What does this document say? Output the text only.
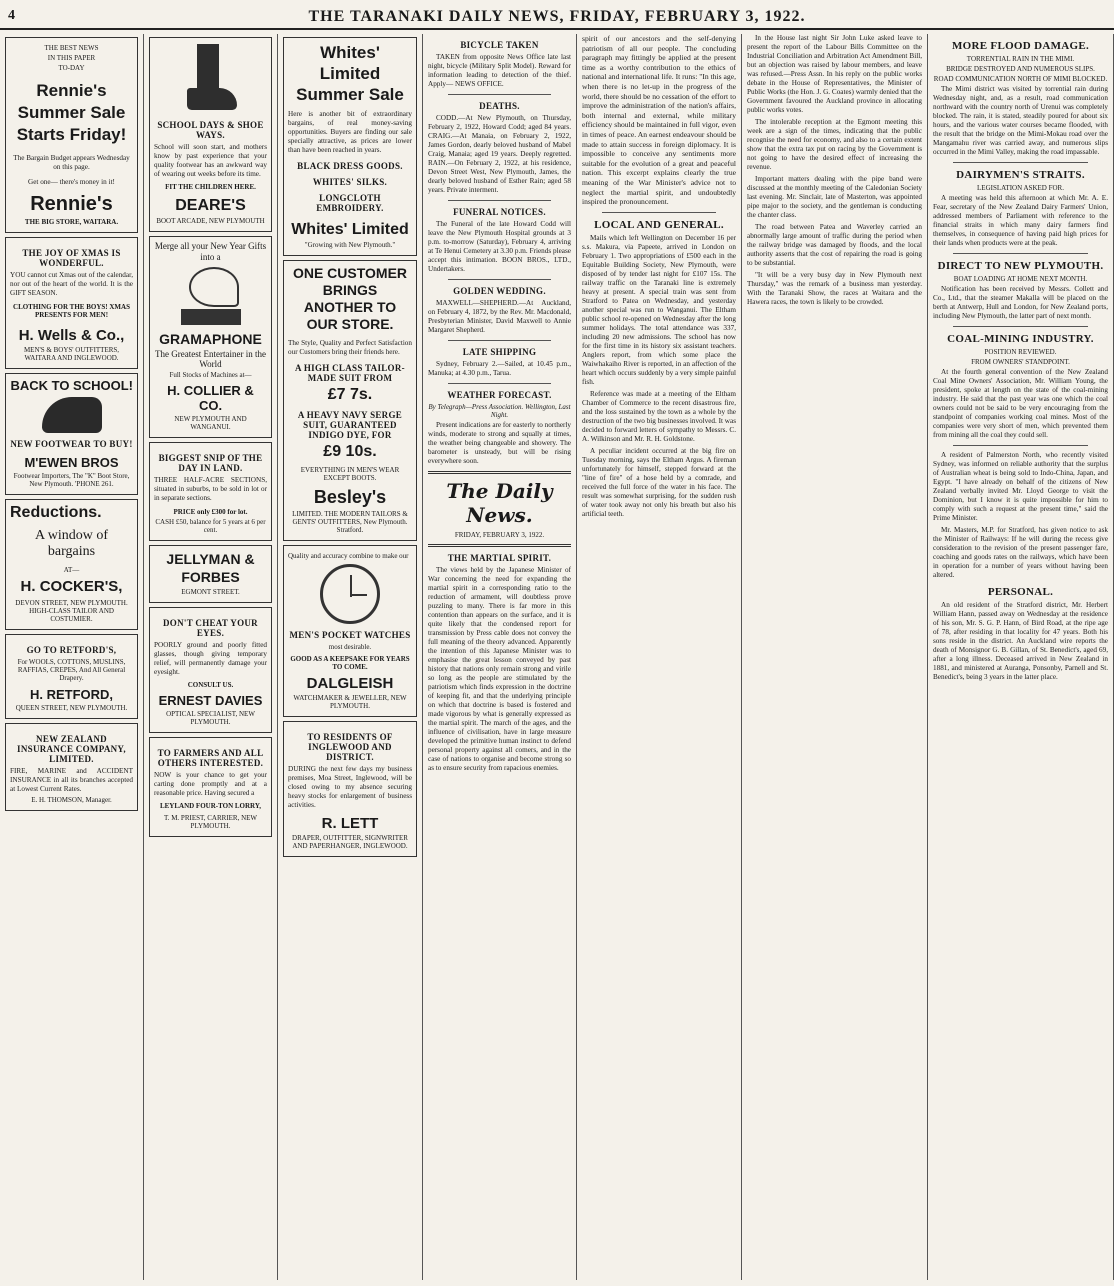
4	THE TARANAKI DAILY NEWS, FRIDAY, FEBRUARY 3, 1922.
THE BEST NEWS
IN THIS PAPER
TO-DAY
Rennie's Summer Sale Starts Friday!
The Bargain Budget appears Wednesday on this page.
Get one— there's money in it!
Rennie's
THE BIG STORE, WAITARA.
THE JOY OF XMAS IS WONDERFUL.
YOU cannot cut Xmas out of the calendar, nor out of the heart of the world. It is the GIFT SEASON.
CLOTHING FOR THE BOYS! XMAS PRESENTS FOR MEN!
H. Wells & Co.,
MEN'S & BOYS' OUTFITTERS, WAITARA AND INGLEWOOD.
BACK TO SCHOOL!
NEW FOOTWEAR TO BUY!
M'EWEN BROS
Footwear Importers, The "K" Boot Store, New Plymouth. 'PHONE 261.
Reductions.
A window of bargains
AT—
H. COCKER'S,
DEVON STREET, NEW PLYMOUTH. HIGH-CLASS TAILOR AND COSTUMIER.
GO TO RETFORD'S,
For WOOLS, COTTONS, MUSLINS, RAFFIAS, CREPES, And All General Drapery.
H. RETFORD,
QUEEN STREET, NEW PLYMOUTH.
NEW ZEALAND INSURANCE COMPANY, LIMITED.
FIRE, MARINE and ACCIDENT INSURANCE in all its branches accepted at Lowest Current Rates.
E. H. THOMSON, Manager.
SCHOOL DAYS & SHOE WAYS.
School will soon start, and mothers know by past experience that your quality footwear has an awkward way of wearing out weeks before its time.
FIT THE CHILDREN HERE.
DEARE'S
BOOT ARCADE, NEW PLYMOUTH
Merge all your New Year Gifts into a
GRAMAPHONE
The Greatest Entertainer in the World
Full Stocks of Machines at—
H. COLLIER & CO.
NEW PLYMOUTH AND WANGANUI.
BIGGEST SNIP OF THE DAY IN LAND.
THREE HALF-ACRE SECTIONS, situated in suburbs, to be sold in lot or in separate sections.
PRICE only £300 for lot.
CASH £50, balance for 5 years at 6 per cent.
JELLYMAN & FORBES
EGMONT STREET.
DON'T CHEAT YOUR EYES.
POORLY ground and poorly fitted glasses, though giving temporary relief, will permanently damage your eyesight.
CONSULT US.
ERNEST DAVIES
OPTICAL SPECIALIST, NEW PLYMOUTH.
TO FARMERS AND ALL OTHERS INTERESTED.
NOW is your chance to get your carting done promptly and at a reasonable price. Having secured a
LEYLAND FOUR-TON LORRY,
T. M. PRIEST, CARRIER, NEW PLYMOUTH.
Whites' Limited Summer Sale
Here is another bit of extraordinary bargains, of real money-saving opportunities. Buyers are finding our sale specially attractive, as prices are lower than have been reached in years.
BLACK DRESS GOODS.
WHITES' SILKS.
LONGCLOTH EMBROIDERY.
Whites' Limited
"Growing with New Plymouth."
ONE CUSTOMER BRINGS ANOTHER TO OUR STORE.
The Style, Quality and Perfect Satisfaction our Customers bring their friends here.
A HIGH CLASS TAILOR-MADE SUIT FROM
£7 7s.
A HEAVY NAVY SERGE SUIT, GUARANTEED INDIGO DYE, FOR
£9 10s.
EVERYTHING IN MEN'S WEAR EXCEPT BOOTS.
Besley's
LIMITED. THE MODERN TAILORS & GENTS' OUTFITTERS, New Plymouth. Stratford.
Quality and accuracy combine to make our
MEN'S POCKET WATCHES
most desirable.
GOOD AS A KEEPSAKE FOR YEARS TO COME.
DALGLEISH
WATCHMAKER & JEWELLER, NEW PLYMOUTH.
TO RESIDENTS OF INGLEWOOD AND DISTRICT.
DURING the next few days my business premises, Moa Street, Inglewood, will be closed owing to my absence securing heavy stocks for enlargement of business activities.
R. LETT
DRAPER, OUTFITTER, SIGNWRITER AND PAPERHANGER, INGLEWOOD.
BICYCLE TAKEN
TAKEN from opposite News Office late last night, bicycle (Military Split Model). Reward for information leading to detection of the thief. Apply— NEWS OFFICE.
DEATHS.
CODD.—At New Plymouth, on Thursday, February 2, 1922, Howard Codd; aged 84 years. CRAIG.—At Manaia, on February 2, 1922, James Gordon, dearly beloved husband of Mabel Craig, Manaia; aged 19 years. Deeply regretted. RAIN.—On February 2, 1922, at his residence, Devon Street West, New Plymouth, James, the dearly beloved husband of Esther Rain; aged 58 years. Private interment.
FUNERAL NOTICES.
The Funeral of the late Howard Codd will leave the New Plymouth Hospital grounds at 3 p.m. to-morrow (Saturday), February 4, arriving at Te Henui Cemetery at 3.30 p.m. Friends please accept this intimation. BOON BROS., LTD., Undertakers.
GOLDEN WEDDING.
MAXWELL—SHEPHERD.—At Auckland, on February 4, 1872, by the Rev. Mr. Macdonald, Presbyterian Minister, David Maxwell to Annie Margaret Shepherd.
LATE SHIPPING
Sydney, February 2.—Sailed, at 10.45 p.m., Manuka; at 4.30 p.m., Tarua.
WEATHER FORECAST.
By Telegraph—Press Association. Wellington, Last Night.
Present indications are for easterly to northerly winds, moderate to strong and squally at times, the weather being changeable and showery. The barometer is unsteady, but will be rising everywhere soon.
The Daily News.
FRIDAY, FEBRUARY 3, 1922.
THE MARTIAL SPIRIT.
The views held by the Japanese Minister of War concerning the need for expanding the martial spirit in a corresponding ratio to the reduction of armament, will doubtless prove puzzling to many. There is far more in this contention than appears on the surface, and it is quite likely that the condensed report for transmission by Press cable does not convey the full meaning of the theory advanced. Apparently the intention of this Japanese Minister was to emphasise the great lesson conveyed by past history that nations only remain strong and virile so long as the people are stimulated by the patriotism which finds expression in the doctrine of keeping fit, and that the underlying principle on which that doctrine is based is fostered and made vigorous by what is generally expressed as the martial spirit. The march of the ages, and the influence of civilisation, have in large measure developed the primitive human instinct to defend personal property against all comers, and in the case of nations to organise and become strong so as to ensure security from rapacious enemies.
spirit of our ancestors and the self-denying patriotism of all our people. The concluding paragraph may fittingly be applied at the present time as a worthy contribution to the ethics of national and international life. It runs: "In this age, when there is no let-up in the progress of the world, there should be no cessation of the effort to improve the administration of the nation's affairs, both internal and external, while military efficiency should be maintained in full vigor, even in times of peace. An earnest endeavour should be made to attain success in foreign diplomacy. It is impossible to conceive any sentiments more suitable for the evolution of a great and peaceful nation. This excerpt explains clearly the true meaning of the War Minister's advice not to neglect the martial spirit, and undoubtedly inspired the pronouncement.
LOCAL AND GENERAL.
Mails which left Wellington on December 16 per s.s. Makura, via Papeete, arrived in London on February 1. Two appropriations of £500 each in the Equitable Building Society, New Plymouth, were disposed of by tender last night for £107 15s. The railway traffic on the Taranaki line is extremely heavy at present. A special train was sent from Stratford to Patea on Wednesday, and yesterday another special was run to Wanganui. The Eltham public school re-opened on Wednesday after the long summer holidays. The total attendance was 337, including 20 new admissions. The school has now for the first time in its history six assistant teachers. Anglers report, from which some place the Waiwhakaiho River is reported, in an affection of the heart which occurs suddenly by a very simple painful fish.
Reference was made at a meeting of the Eltham Chamber of Commerce to the recent disastrous fire, and the loss sustained by the town as a whole by the destruction of the two big businesses involved. It was decided to forward letters of sympathy to Messrs. C. A. Wilkinson and Mr. R. H. Goldstone.
A peculiar incident occurred at the big fire on Tuesday morning, says the Eltham Argus. A fireman unfortunately for himself, stepped forward at the "line of fire" of a hose held by a comrade, and received the full force of the water in his face. The result was somewhat surprising, for the sudden rush of water took away not only his breath but also his artificial teeth.
In the House last night Sir John Luke asked leave to present the report of the Labour Bills Committee on the Industrial Conciliation and Arbitration Act Amendment Bill, but an objection was raised by labour members, and leave was refused.—Press Assn. In his reply on the public works debate in the House of Representatives, the Minister of Public Works (the Hon. J. G. Coates) warmly denied that the Government favoured the Auckland province in allocating public works votes.
The intolerable reception at the Egmont meeting this week are a sign of the times, indicating that the public recognise the need for economy, and also to a certain extent show that the extra tax put on racing by the Government is not going to have the desired effect of increasing the revenue.
Important matters dealing with the pipe band were discussed at the monthly meeting of the Caledonian Society last evening. Mr. Sinclair, late of Masterton, was appointed pipe major to the society, and the gentleman is conducting the chanter class.
The road between Patea and Waverley carried an abnormally large amount of traffic during the period when the railway bridge was damaged by floods, and the local authority asserts that the cost of repairing the road is going to be substantial.
"It will be a very busy day in New Plymouth next Thursday," was the remark of a business man yesterday. With the Taranaki Show, the races at Waitara and the Hawera races, the town is likely to be crowded.
MORE FLOOD DAMAGE.
TORRENTIAL RAIN IN THE MIMI.
BRIDGE DESTROYED AND NUMEROUS SLIPS.
ROAD COMMUNICATION NORTH OF MIMI BLOCKED.
The Mimi district was visited by torrential rain during Wednesday night, and, as a result, road communication northward with the country north of Urenui was completely blocked. The rain, it is stated, steadily poured for about six hours, and the various water courses became flooded, with the result that the bridge on the Mimi-Mokau road over the Mangamahu river was carried away, and numerous slips occurred in the Mimi Valley, making the road impassable.
DAIRYMEN'S STRAITS.
LEGISLATION ASKED FOR.
A meeting was held this afternoon at which Mr. A. E. Fear, secretary of the New Zealand Dairy Farmers' Union, addressed members of Parliament with reference to the financial straits in which many dairy farmers find themselves, in consequence of having paid high prices for their lands when products were at the peak.
DIRECT TO NEW PLYMOUTH.
BOAT LOADING AT HOME NEXT MONTH.
Notification has been received by Messrs. Collett and Co., Ltd., that the steamer Makalla will be placed on the berth at Antwerp, Hull and London, for New Zealand ports, including New Plymouth, the latter part of next month.
COAL-MINING INDUSTRY.
POSITION REVIEWED.
FROM OWNERS' STANDPOINT.
At the fourth general convention of the New Zealand Coal Mine Owners' Association, Mr. William Young, the president, spoke at length on the state of the coal-mining industry. He said that the past year was one which the coal owners could not be said to be very encouraging from the standpoint of companies working coal mines. Most of the companies were very short of men, which prevented them from mining all the coal they could sell.
A resident of Palmerston North, who recently visited Sydney, was informed on reliable authority that the surplus of Australian wheat is being sold to Indo-China, Japan, and Egypt. "I have already on behalf of the citizens of New Zealand verbally invited Mr. Lloyd George to visit the Dominion, but I know it is quite impossible for him to comply with such a request at the present time," said the Prime Minister.
Mr. Masters, M.P. for Stratford, has given notice to ask the Minister of Railways: If he will during the recess give consideration to the revision of the present passenger fare, coaching and goods rates on the railways, which have been in operation for a number of years without having been altered.
PERSONAL.
An old resident of the Stratford district, Mr. Herbert William Hann, passed away on Wednesday at the residence of his son, Mr. S. G. P. Hann, of Bird Road, at the ripe age of 78, after residing in that locality for 47 years. Both his sons reside in the district. An Auckland wire reports the death of Monsignor G. B. Gillan, of St. Benedict's, aged 69, after a long illness. Deceased arrived in New Zealand in 1881, and ministered at Auranga, Ponsonby, Parnell and St. Benedict's, being 3 years in the latter place.
